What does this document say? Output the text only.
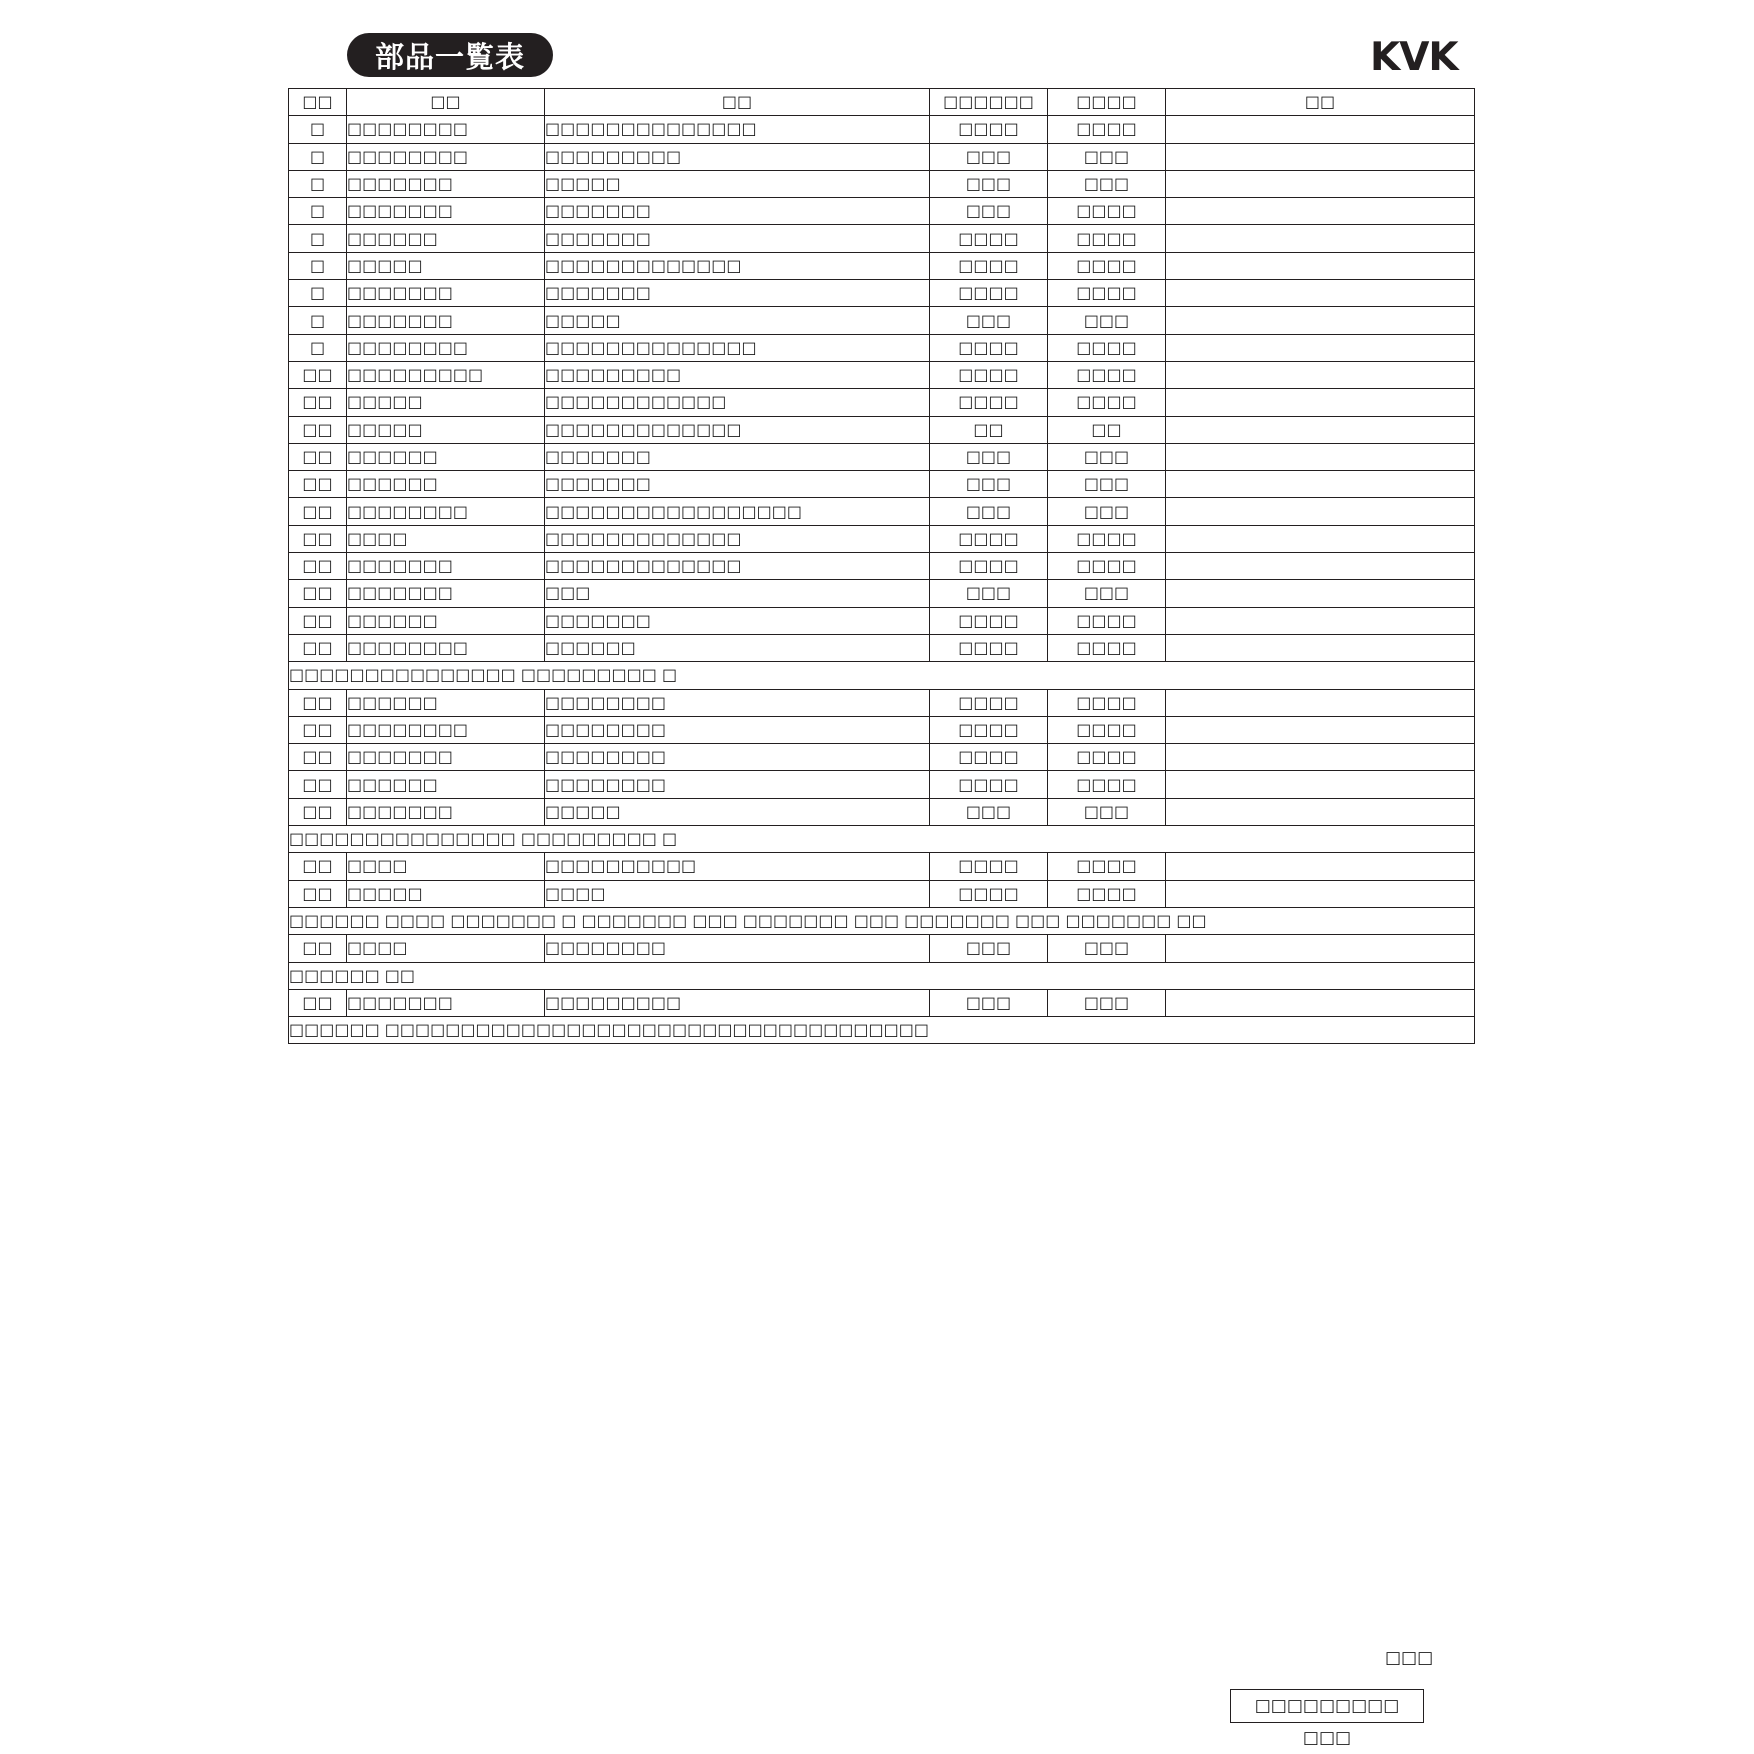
部品一覧表	KVK
□□	□□	□□	□□□□□□	□□□□	□□
□	□□□□□□□□	□□□□□□□□□□□□□□	□□□□	□□□□	
□	□□□□□□□□	□□□□□□□□□	□□□	□□□	
□	□□□□□□□	□□□□□	□□□	□□□	
□	□□□□□□□	□□□□□□□	□□□	□□□□	
□	□□□□□□	□□□□□□□	□□□□	□□□□	
□	□□□□□	□□□□□□□□□□□□□	□□□□	□□□□	
□	□□□□□□□	□□□□□□□	□□□□	□□□□	
□	□□□□□□□	□□□□□	□□□	□□□	
□	□□□□□□□□	□□□□□□□□□□□□□□	□□□□	□□□□	
□□	□□□□□□□□□	□□□□□□□□□	□□□□	□□□□	
□□	□□□□□	□□□□□□□□□□□□	□□□□	□□□□	
□□	□□□□□	□□□□□□□□□□□□□	□□	□□	
□□	□□□□□□	□□□□□□□	□□□	□□□	
□□	□□□□□□	□□□□□□□	□□□	□□□	
□□	□□□□□□□□	□□□□□□□□□□□□□□□□□	□□□	□□□	
□□	□□□□	□□□□□□□□□□□□□	□□□□	□□□□	
□□	□□□□□□□	□□□□□□□□□□□□□	□□□□	□□□□	
□□	□□□□□□□	□□□	□□□	□□□	
□□	□□□□□□	□□□□□□□	□□□□	□□□□	
□□	□□□□□□□□	□□□□□□	□□□□	□□□□	
□□□□□□□□□□□□□□□ □□□□□□□□□ □					
□□	□□□□□□	□□□□□□□□	□□□□	□□□□	
□□	□□□□□□□□	□□□□□□□□	□□□□	□□□□	
□□	□□□□□□□	□□□□□□□□	□□□□	□□□□	
□□	□□□□□□	□□□□□□□□	□□□□	□□□□	
□□	□□□□□□□	□□□□□	□□□	□□□	
□□□□□□□□□□□□□□□ □□□□□□□□□ □					
□□	□□□□	□□□□□□□□□□	□□□□	□□□□	
□□	□□□□□	□□□□	□□□□	□□□□	
□□□□□□ □□□□ □□□□□□□ □ □□□□□□□ □□□ □□□□□□□ □□□ □□□□□□□ □□□ □□□□□□□ □□					
□□	□□□□	□□□□□□□□	□□□	□□□	
□□□□□□ □□					
□□	□□□□□□□	□□□□□□□□□	□□□	□□□	
□□□□□□ □□□□□□□□□□□□□□□□□□□□□□□□□□□□□□□□□□□□					
□□□
□□□□□□□□□ □□□
